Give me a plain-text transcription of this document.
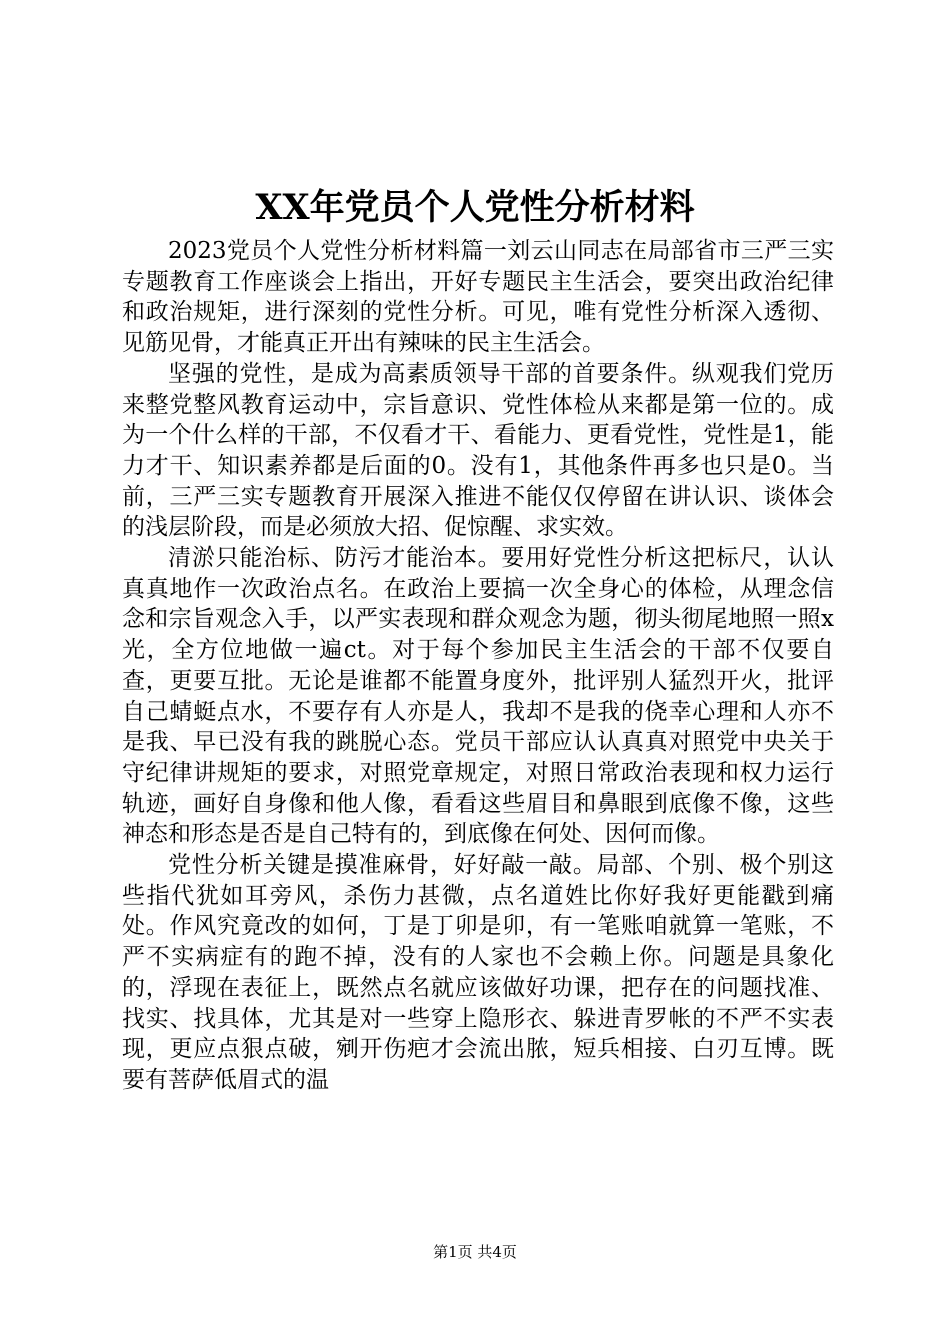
XX年党员个人党性分析材料

2023党员个人党性分析材料篇一刘云山同志在局部省市三严三实专题教育工作座谈会上指出，开好专题民主生活会，要突出政治纪律和政治规矩，进行深刻的党性分析。可见，唯有党性分析深入透彻、见筋见骨，才能真正开出有辣味的民主生活会。

坚强的党性，是成为高素质领导干部的首要条件。纵观我们党历来整党整风教育运动中，宗旨意识、党性体检从来都是第一位的。成为一个什么样的干部，不仅看才干、看能力、更看党性，党性是1，能力才干、知识素养都是后面的0。没有1，其他条件再多也只是0。当前，三严三实专题教育开展深入推进不能仅仅停留在讲认识、谈体会的浅层阶段，而是必须放大招、促惊醒、求实效。

清淤只能治标、防污才能治本。要用好党性分析这把标尺，认认真真地作一次政治点名。在政治上要搞一次全身心的体检，从理念信念和宗旨观念入手，以严实表现和群众观念为题，彻头彻尾地照一照x光，全方位地做一遍ct。对于每个参加民主生活会的干部不仅要自查，更要互批。无论是谁都不能置身度外，批评别人猛烈开火，批评自己蜻蜓点水，不要存有人亦是人，我却不是我的侥幸心理和人亦不是我、早已没有我的跳脱心态。党员干部应认认真真对照党中央关于守纪律讲规矩的要求，对照党章规定，对照日常政治表现和权力运行轨迹，画好自身像和他人像，看看这些眉目和鼻眼到底像不像，这些神态和形态是否是自己特有的，到底像在何处、因何而像。

党性分析关键是摸准麻骨，好好敲一敲。局部、个别、极个别这些指代犹如耳旁风，杀伤力甚微，点名道姓比你好我好更能戳到痛处。作风究竟改的如何，丁是丁卯是卯，有一笔账咱就算一笔账，不严不实病症有的跑不掉，没有的人家也不会赖上你。问题是具象化的，浮现在表征上，既然点名就应该做好功课，把存在的问题找准、找实、找具体，尤其是对一些穿上隐形衣、躲进青罗帐的不严不实表现，更应点狠点破，剜开伤疤才会流出脓，短兵相接、白刃互博。既要有菩萨低眉式的温

第1页 共4页
